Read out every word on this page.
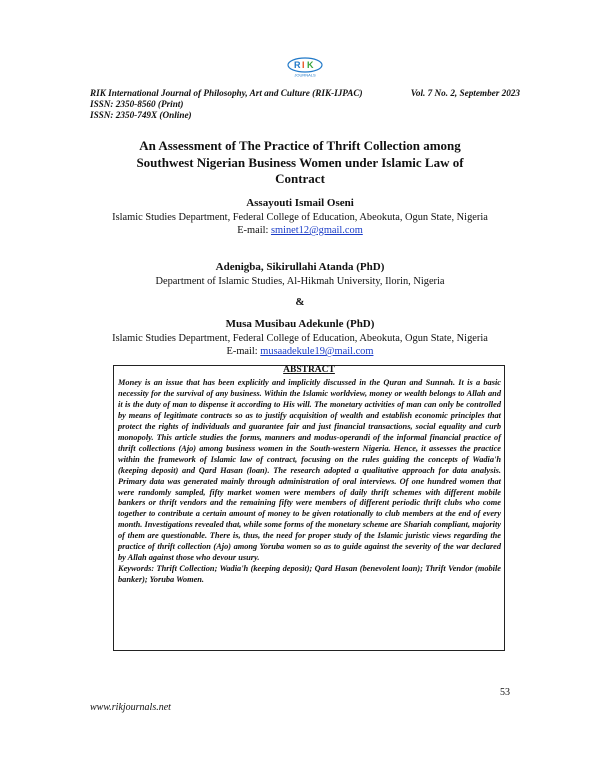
R I K
JOURNALS
RIK International Journal of Philosophy, Art and Culture (RIK-IJPAC)	Vol. 7 No. 2, September 2023
ISSN: 2350-8560 (Print)
ISSN: 2350-749X (Online)
An Assessment of The Practice of Thrift Collection among
Southwest Nigerian Business Women under Islamic Law of
Contract
Assayouti Ismail Oseni
Islamic Studies Department, Federal College of Education, Abeokuta, Ogun State, Nigeria
E-mail: sminet12@gmail.com
Adenigba, Sikirullahi Atanda (PhD)
Department of Islamic Studies, Al-Hikmah University, Ilorin, Nigeria
&
Musa Musibau Adekunle (PhD)
Islamic Studies Department, Federal College of Education, Abeokuta, Ogun State, Nigeria
E-mail: musaadekule19@mail.com
ABSTRACT
Money is an issue that has been explicitly and implicitly discussed in the Quran and Sunnah. It is a basic necessity for the survival of any business. Within the Islamic worldview, money or wealth belongs to Allah and it is the duty of man to dispense it according to His will. The monetary activities of man can only be controlled by means of legitimate contracts so as to justify acquisition of wealth and establish economic principles that protect the rights of individuals and guarantee fair and just financial transactions, social equality and curb monopoly. This article studies the forms, manners and modus-operandi of the informal financial practice of thrift collections (Ajo) among business women in the South-western Nigeria. Hence, it assesses the practice within the framework of Islamic law of contract, focusing on the rules guiding the concepts of Wadia'h (keeping deposit) and Qard Hasan (loan). The research adopted a qualitative approach for data analysis. Primary data was generated mainly through administration of oral interviews. Of one hundred women that were randomly sampled, fifty market women were members of daily thrift schemes with different mobile bankers or thrift vendors and the remaining fifty were members of different periodic thrift clubs who come together to contribute a certain amount of money to be given rotationally to club members at the end of every month. Investigations revealed that, while some forms of the monetary scheme are Shariah compliant, majority of them are questionable. There is, thus, the need for proper study of the Islamic juristic views regarding the practice of thrift collection (Ajo) among Yoruba women so as to guide against the severity of the war declared by Allah against those who devour usury.
Keywords: Thrift Collection; Wadia'h (keeping deposit); Qard Hasan (benevolent loan); Thrift Vendor (mobile banker); Yoruba Women.
53
www.rikjournals.net
